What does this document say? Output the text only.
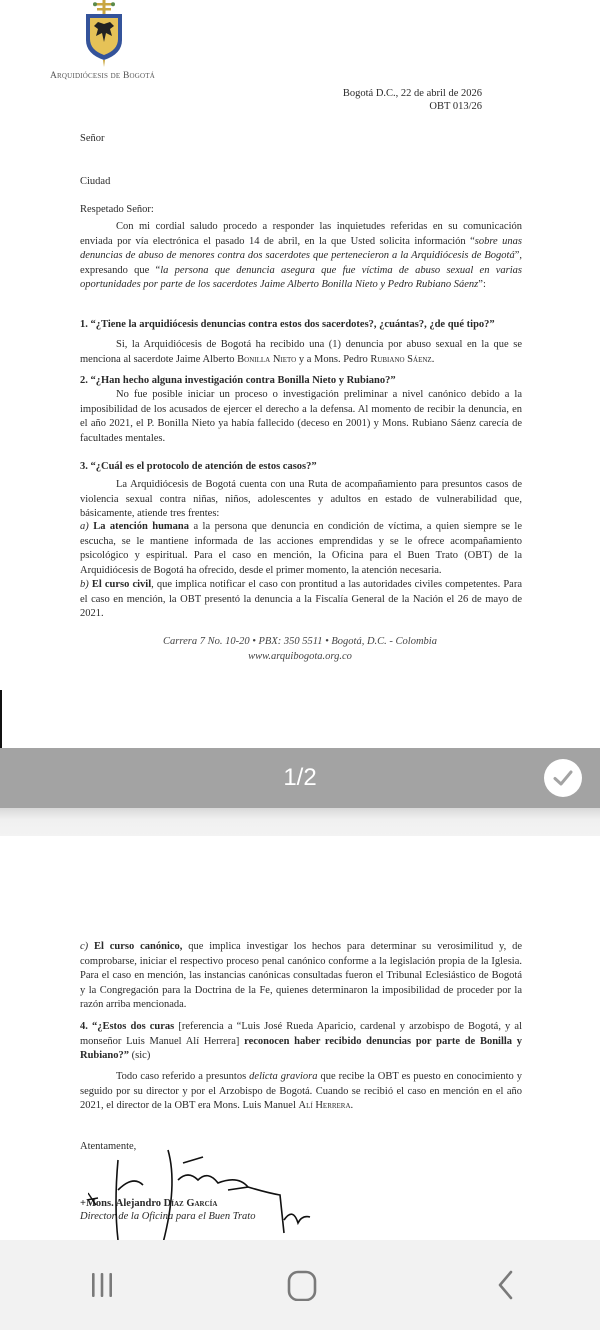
Arquidiócesis de Bogotá
Bogotá D.C., 22 de abril de 2026
OBT 013/26
Señor
Ciudad
Respetado Señor:
Con mi cordial saludo procedo a responder las inquietudes referidas en su comunicación enviada por vía electrónica el pasado 14 de abril, en la que Usted solicita información “sobre unas denuncias de abuso de menores contra dos sacerdotes que pertenecieron a la Arquidiócesis de Bogotá”, expresando que “la persona que denuncia asegura que fue víctima de abuso sexual en varias oportunidades por parte de los sacerdotes Jaime Alberto Bonilla Nieto y Pedro Rubiano Sáenz”:
1. “¿Tiene la arquidiócesis denuncias contra estos dos sacerdotes?, ¿cuántas?, ¿de qué tipo?”
Si, la Arquidiócesis de Bogotá ha recibido una (1) denuncia por abuso sexual en la que se menciona al sacerdote Jaime Alberto Bonilla Nieto y a Mons. Pedro Rubiano Sáenz.
2. “¿Han hecho alguna investigación contra Bonilla Nieto y Rubiano?”
No fue posible iniciar un proceso o investigación preliminar a nivel canónico debido a la imposibilidad de los acusados de ejercer el derecho a la defensa. Al momento de recibir la denuncia, en el año 2021, el P. Bonilla Nieto ya había fallecido (deceso en 2001) y Mons. Rubiano Sáenz carecía de facultades mentales.
3. “¿Cuál es el protocolo de atención de estos casos?”
La Arquidiócesis de Bogotá cuenta con una Ruta de acompañamiento para presuntos casos de violencia sexual contra niñas, niños, adolescentes y adultos en estado de vulnerabilidad que, básicamente, atiende tres frentes:
a) La atención humana a la persona que denuncia en condición de víctima, a quien siempre se le escucha, se le mantiene informada de las acciones emprendidas y se le ofrece acompañamiento psicológico y espiritual. Para el caso en mención, la Oficina para el Buen Trato (OBT) de la Arquidiócesis de Bogotá ha ofrecido, desde el primer momento, la atención necesaria.
b) El curso civil, que implica notificar el caso con prontitud a las autoridades civiles competentes. Para el caso en mención, la OBT presentó la denuncia a la Fiscalía General de la Nación el 26 de mayo de 2021.
Carrera 7 No. 10-20 • PBX: 350 5511 • Bogotá, D.C. - Colombia
www.arquibogota.org.co
1/2
c) El curso canónico, que implica investigar los hechos para determinar su verosimilitud y, de comprobarse, iniciar el respectivo proceso penal canónico conforme a la legislación propia de la Iglesia. Para el caso en mención, las instancias canónicas consultadas fueron el Tribunal Eclesiástico de Bogotá y la Congregación para la Doctrina de la Fe, quienes determinaron la imposibilidad de proceder por la razón arriba mencionada.
4. “¿Estos dos curas [referencia a “Luis José Rueda Aparicio, cardenal y arzobispo de Bogotá, y al monseñor Luis Manuel Alí Herrera] reconocen haber recibido denuncias por parte de Bonilla y Rubiano?” (sic)
Todo caso referido a presuntos delicta graviora que recibe la OBT es puesto en conocimiento y seguido por su director y por el Arzobispo de Bogotá. Cuando se recibió el caso en mención en el año 2021, el director de la OBT era Mons. Luis Manuel Alí Herrera.
Atentamente,
+Mons. Alejandro Díaz García
Director de la Oficina para el Buen Trato
